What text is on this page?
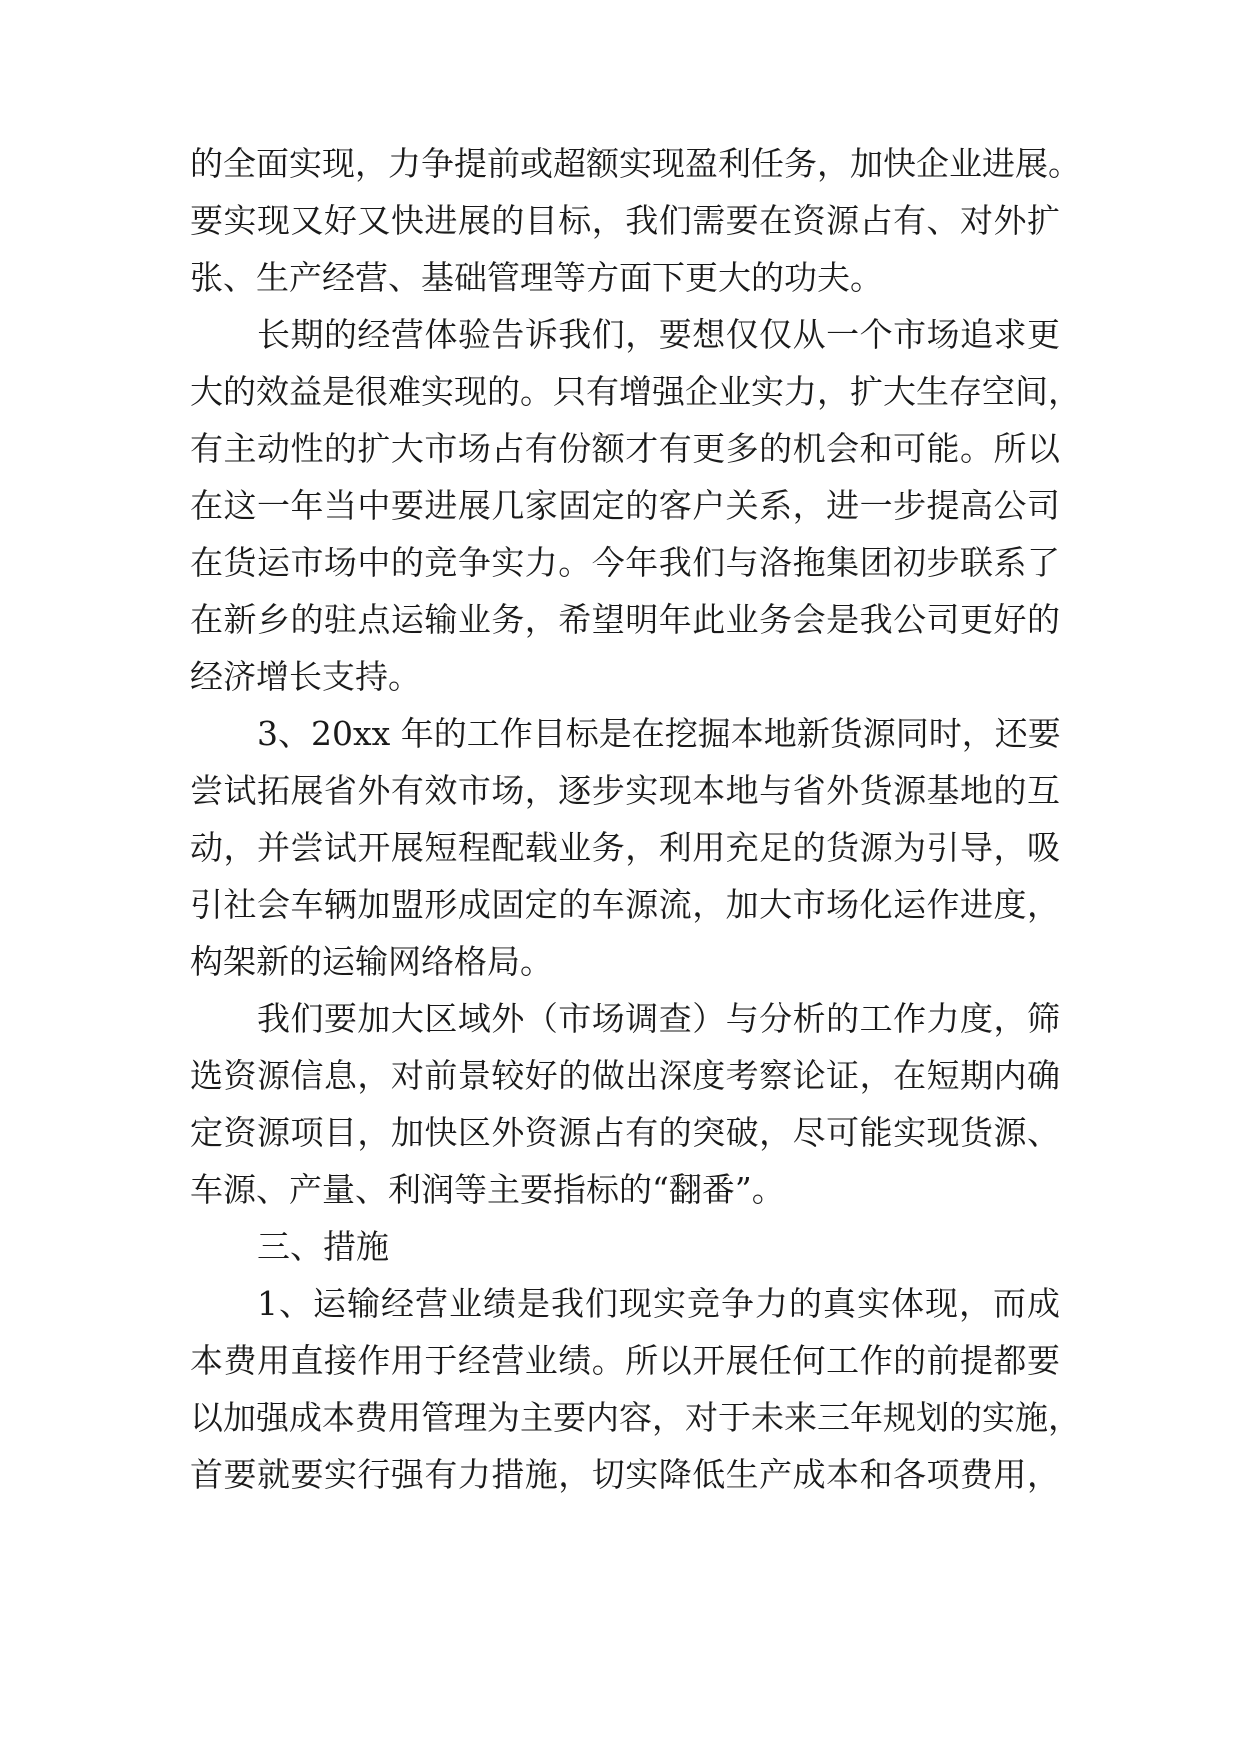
的全面实现，力争提前或超额实现盈利任务，加快企业进展。
要实现又好又快进展的目标，我们需要在资源占有、对外扩
张、生产经营、基础管理等方面下更大的功夫。
长期的经营体验告诉我们，要想仅仅从一个市场追求更
大的效益是很难实现的。只有增强企业实力，扩大生存空间，
有主动性的扩大市场占有份额才有更多的机会和可能。所以
在这一年当中要进展几家固定的客户关系，进一步提高公司
在货运市场中的竞争实力。今年我们与洛拖集团初步联系了
在新乡的驻点运输业务，希望明年此业务会是我公司更好的
经济增长支持。
3、20xx 年的工作目标是在挖掘本地新货源同时，还要
尝试拓展省外有效市场，逐步实现本地与省外货源基地的互
动，并尝试开展短程配载业务，利用充足的货源为引导，吸
引社会车辆加盟形成固定的车源流，加大市场化运作进度，
构架新的运输网络格局。
我们要加大区域外（市场调查）与分析的工作力度，筛
选资源信息，对前景较好的做出深度考察论证，在短期内确
定资源项目，加快区外资源占有的突破，尽可能实现货源、
车源、产量、利润等主要指标的“翻番”。
三、措施
1、运输经营业绩是我们现实竞争力的真实体现，而成
本费用直接作用于经营业绩。所以开展任何工作的前提都要
以加强成本费用管理为主要内容，对于未来三年规划的实施，
首要就要实行强有力措施，切实降低生产成本和各项费用，
